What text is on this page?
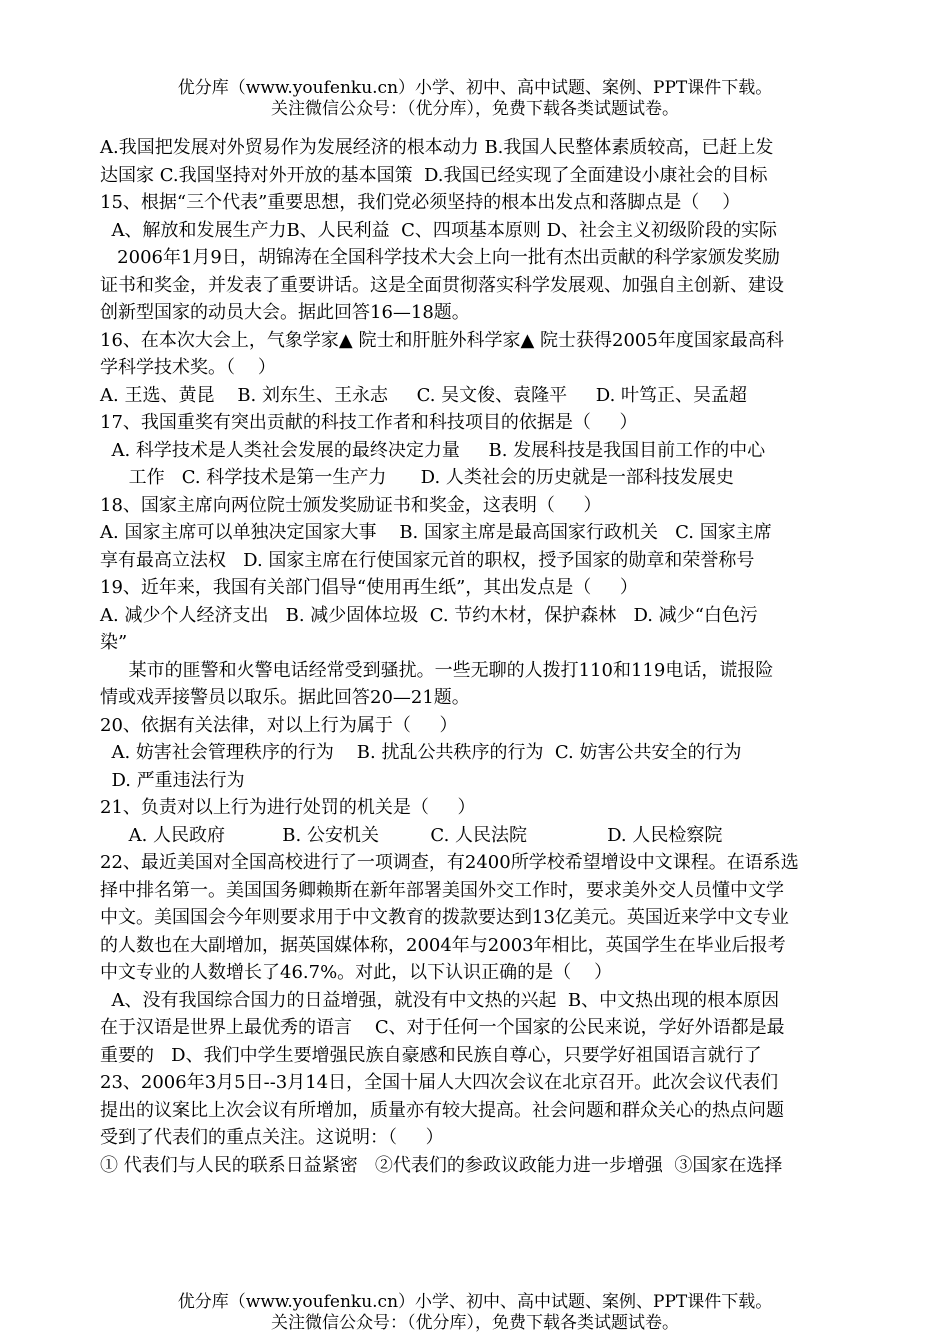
优分库（www.youfenku.cn）小学、初中、高中试题、案例、PPT课件下载。
关注微信公众号：（优分库），免费下载各类试题试卷。
A.我国把发展对外贸易作为发展经济的根本动力 B.我国人民整体素质较高，已赶上发
达国家 C.我国坚持对外开放的基本国策  D.我国已经实现了全面建设小康社会的目标
15、根据“三个代表”重要思想，我们党必须坚持的根本出发点和落脚点是（    ）
A、解放和发展生产力B、人民利益  C、四项基本原则 D、社会主义初级阶段的实际
2006年1月9日，胡锦涛在全国科学技术大会上向一批有杰出贡献的科学家颁发奖励
证书和奖金，并发表了重要讲话。这是全面贯彻落实科学发展观、加强自主创新、建设
创新型国家的动员大会。据此回答16—18题。
16、在本次大会上，气象学家▲ 院士和肝脏外科学家▲ 院士获得2005年度国家最高科
学科学技术奖。（    ）
A. 王选、黄昆    B. 刘东生、王永志     C. 吴文俊、袁隆平     D. 叶笃正、吴孟超
17、我国重奖有突出贡献的科技工作者和科技项目的依据是（     ）
A. 科学技术是人类社会发展的最终决定力量     B. 发展科技是我国目前工作的中心
工作   C. 科学技术是第一生产力      D. 人类社会的历史就是一部科技发展史
18、国家主席向两位院士颁发奖励证书和奖金，这表明（     ）
A. 国家主席可以单独决定国家大事    B. 国家主席是最高国家行政机关   C. 国家主席
享有最高立法权   D. 国家主席在行使国家元首的职权，授予国家的勋章和荣誉称号
19、近年来，我国有关部门倡导“使用再生纸”，其出发点是（     ）
A. 减少个人经济支出   B. 减少固体垃圾  C. 节约木材，保护森林   D. 减少“白色污
染”
某市的匪警和火警电话经常受到骚扰。一些无聊的人拨打110和119电话，谎报险
情或戏弄接警员以取乐。据此回答20—21题。
20、依据有关法律，对以上行为属于（     ）
A. 妨害社会管理秩序的行为    B. 扰乱公共秩序的行为  C. 妨害公共安全的行为
D. 严重违法行为
21、负责对以上行为进行处罚的机关是（     ）
A. 人民政府          B. 公安机关         C. 人民法院              D. 人民检察院
22、最近美国对全国高校进行了一项调查，有2400所学校希望增设中文课程。在语系选
择中排名第一。美国国务卿赖斯在新年部署美国外交工作时，要求美外交人员懂中文学
中文。美国国会今年则要求用于中文教育的拨款要达到13亿美元。英国近来学中文专业
的人数也在大副增加，据英国媒体称，2004年与2003年相比，英国学生在毕业后报考
中文专业的人数增长了46.7%。对此，以下认识正确的是（    ）
A、没有我国综合国力的日益增强，就没有中文热的兴起  B、中文热出现的根本原因
在于汉语是世界上最优秀的语言    C、对于任何一个国家的公民来说，学好外语都是最
重要的   D、我们中学生要增强民族自豪感和民族自尊心，只要学好祖国语言就行了
23、2006年3月5日--3月14日，全国十届人大四次会议在北京召开。此次会议代表们
提出的议案比上次会议有所增加，质量亦有较大提高。社会问题和群众关心的热点问题
受到了代表们的重点关注。这说明：（     ）
① 代表们与人民的联系日益紧密   ②代表们的参政议政能力进一步增强  ③国家在选择
优分库（www.youfenku.cn）小学、初中、高中试题、案例、PPT课件下载。
关注微信公众号：（优分库），免费下载各类试题试卷。
